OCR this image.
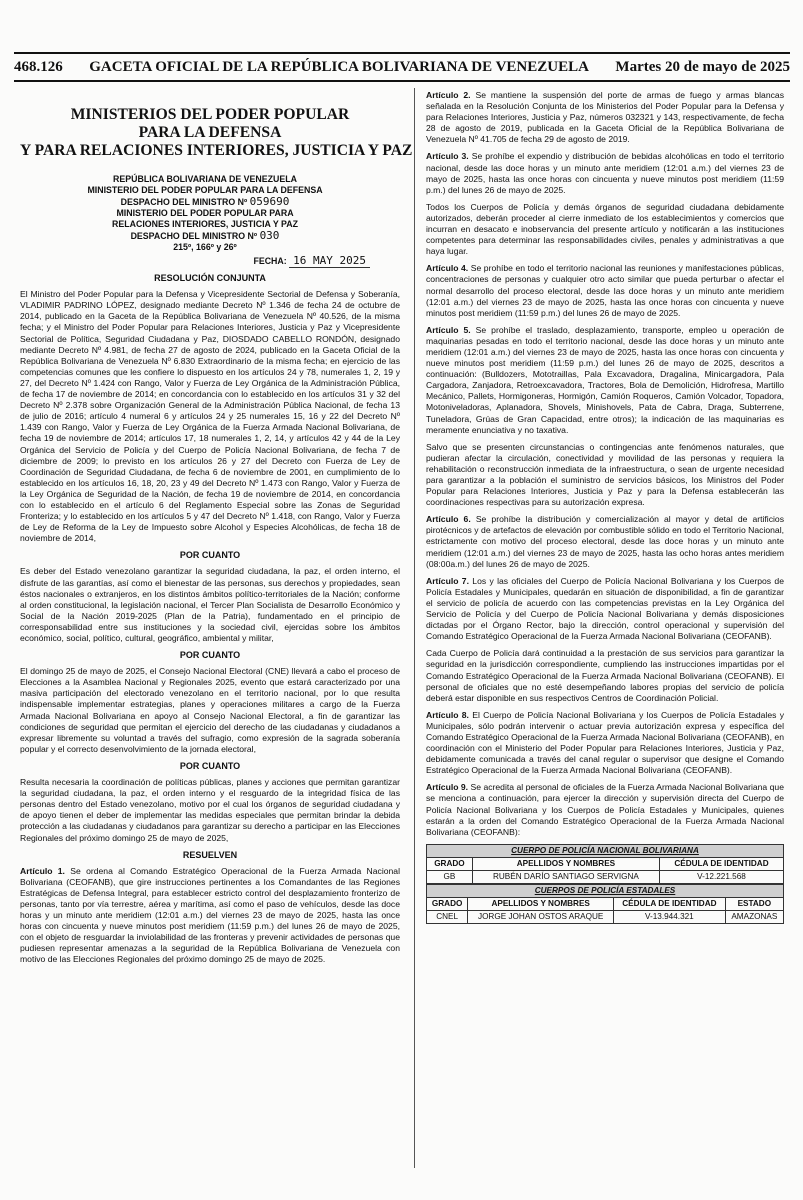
468.126 GACETA OFICIAL DE LA REPÚBLICA BOLIVARIANA DE VENEZUELA Martes 20 de mayo de 2025
MINISTERIOS DEL PODER POPULAR
PARA LA DEFENSA
Y PARA RELACIONES INTERIORES, JUSTICIA Y PAZ
REPÚBLICA BOLIVARIANA DE VENEZUELA
MINISTERIO DEL PODER POPULAR PARA LA DEFENSA
DESPACHO DEL MINISTRO Nº 059690
MINISTERIO DEL PODER POPULAR PARA
RELACIONES INTERIORES, JUSTICIA Y PAZ
DESPACHO DEL MINISTRO Nº 030
215º, 166º y 26º
FECHA: 16 MAY 2025
RESOLUCIÓN CONJUNTA

El Ministro del Poder Popular para la Defensa y Vicepresidente Sectorial de Defensa y Soberanía, VLADIMIR PADRINO LÓPEZ, designado mediante Decreto Nº 1.346 de fecha 24 de octubre de 2014, publicado en la Gaceta de la República Bolivariana de Venezuela Nº 40.526, de la misma fecha; y el Ministro del Poder Popular para Relaciones Interiores, Justicia y Paz y Vicepresidente Sectorial de Política, Seguridad Ciudadana y Paz, DIOSDADO CABELLO RONDÓN, designado mediante Decreto Nº 4.981, de fecha 27 de agosto de 2024, publicado en la Gaceta Oficial de la República Bolivariana de Venezuela Nº 6.830 Extraordinario de la misma fecha; en ejercicio de las competencias comunes que les confiere lo dispuesto en los artículos 24 y 78, numerales 1, 2, 19 y 27, del Decreto Nº 1.424 con Rango, Valor y Fuerza de Ley Orgánica de la Administración Pública, de fecha 17 de noviembre de 2014; en concordancia con lo establecido en los artículos 31 y 32 del Decreto Nº 2.378 sobre Organización General de la Administración Pública Nacional, de fecha 13 de julio de 2016; artículo 4 numeral 6 y artículos 24 y 25 numerales 15, 16 y 22 del Decreto Nº 1.439 con Rango, Valor y Fuerza de Ley Orgánica de la Fuerza Armada Nacional Bolivariana, de fecha 19 de noviembre de 2014; artículos 17, 18 numerales 1, 2, 14, y artículos 42 y 44 de la Ley Orgánica del Servicio de Policía y del Cuerpo de Policía Nacional Bolivariana, de fecha 7 de diciembre de 2009; lo previsto en los artículos 26 y 27 del Decreto con Fuerza de Ley de Coordinación de Seguridad Ciudadana, de fecha 6 de noviembre de 2001, en cumplimiento de lo establecido en los artículos 16, 18, 20, 23 y 49 del Decreto Nº 1.473 con Rango, Valor y Fuerza de la Ley Orgánica de Seguridad de la Nación, de fecha 19 de noviembre de 2014, en concordancia con lo establecido en el artículo 6 del Reglamento Especial sobre las Zonas de Seguridad Fronteriza; y lo establecido en los artículos 5 y 47 del Decreto Nº 1.418, con Rango, Valor y Fuerza de Ley de Reforma de la Ley de Impuesto sobre Alcohol y Especies Alcohólicas, de fecha 18 de noviembre de 2014,

POR CUANTO

Es deber del Estado venezolano garantizar la seguridad ciudadana, la paz, el orden interno, el disfrute de las garantías, así como el bienestar de las personas, sus derechos y propiedades, sean éstos nacionales o extranjeros, en los distintos ámbitos político-territoriales de la Nación; conforme al orden constitucional, la legislación nacional, el Tercer Plan Socialista de Desarrollo Económico y Social de la Nación 2019-2025 (Plan de la Patria), fundamentado en el principio de corresponsabilidad entre sus instituciones y la sociedad civil, ejercidas sobre los ámbitos económico, social, político, cultural, geográfico, ambiental y militar,

POR CUANTO

El domingo 25 de mayo de 2025, el Consejo Nacional Electoral (CNE) llevará a cabo el proceso de Elecciones a la Asamblea Nacional y Regionales 2025, evento que estará caracterizado por una masiva participación del electorado venezolano en el territorio nacional, por lo que resulta indispensable implementar estrategias, planes y operaciones militares a cargo de la Fuerza Armada Nacional Bolivariana en apoyo al Consejo Nacional Electoral, a fin de garantizar las condiciones de seguridad que permitan el ejercicio del derecho de las ciudadanas y ciudadanos a expresar libremente su voluntad a través del sufragio, como expresión de la sagrada soberanía popular y el correcto desenvolvimiento de la jornada electoral,

POR CUANTO

Resulta necesaria la coordinación de políticas públicas, planes y acciones que permitan garantizar la seguridad ciudadana, la paz, el orden interno y el resguardo de la integridad física de las personas dentro del Estado venezolano, motivo por el cual los órganos de seguridad ciudadana y de apoyo tienen el deber de implementar las medidas especiales que permitan brindar la debida protección a las ciudadanas y ciudadanos para garantizar su derecho a participar en las Elecciones Regionales del próximo domingo 25 de mayo de 2025,

RESUELVEN

Artículo 1. Se ordena al Comando Estratégico Operacional de la Fuerza Armada Nacional Bolivariana (CEOFANB), que gire instrucciones pertinentes a los Comandantes de las Regiones Estratégicas de Defensa Integral, para establecer estricto control del desplazamiento fronterizo de personas, tanto por vía terrestre, aérea y marítima, así como el paso de vehículos, desde las doce horas y un minuto ante meridiem (12:01 a.m.) del viernes 23 de mayo de 2025, hasta las once horas con cincuenta y nueve minutos post meridiem (11:59 p.m.) del lunes 26 de mayo de 2025, con el objeto de resguardar la inviolabilidad de las fronteras y prevenir actividades de personas que pudiesen representar amenazas a la seguridad de la República Bolivariana de Venezuela con motivo de las Elecciones Regionales del próximo domingo 25 de mayo de 2025.

Artículo 2. Se mantiene la suspensión del porte de armas de fuego y armas blancas señalada en la Resolución Conjunta de los Ministerios del Poder Popular para la Defensa y para Relaciones Interiores, Justicia y Paz, números 032321 y 143, respectivamente, de fecha 28 de agosto de 2019, publicada en la Gaceta Oficial de la República Bolivariana de Venezuela Nº 41.705 de fecha 29 de agosto de 2019.

Artículo 3. Se prohíbe el expendio y distribución de bebidas alcohólicas en todo el territorio nacional, desde las doce horas y un minuto ante meridiem (12:01 a.m.) del viernes 23 de mayo de 2025, hasta las once horas con cincuenta y nueve minutos post meridiem (11:59 p.m.) del lunes 26 de mayo de 2025.

Todos los Cuerpos de Policía y demás órganos de seguridad ciudadana debidamente autorizados, deberán proceder al cierre inmediato de los establecimientos y comercios que incurran en desacato e inobservancia del presente artículo y notificarán a las instituciones competentes para determinar las responsabilidades civiles, penales y administrativas a que haya lugar.

Artículo 4. Se prohíbe en todo el territorio nacional las reuniones y manifestaciones públicas, concentraciones de personas y cualquier otro acto similar que pueda perturbar o afectar el normal desarrollo del proceso electoral, desde las doce horas y un minuto ante meridiem (12:01 a.m.) del viernes 23 de mayo de 2025, hasta las once horas con cincuenta y nueve minutos post meridiem (11:59 p.m.) del lunes 26 de mayo de 2025.

Artículo 5. Se prohíbe el traslado, desplazamiento, transporte, empleo u operación de maquinarias pesadas en todo el territorio nacional, desde las doce horas y un minuto ante meridiem (12:01 a.m.) del viernes 23 de mayo de 2025, hasta las once horas con cincuenta y nueve minutos post meridiem (11:59 p.m.) del lunes 26 de mayo de 2025, descritos a continuación: (Bulldozers, Mototraillas, Pala Excavadora, Dragalina, Minicargadora, Pala Cargadora, Zanjadora, Retroexcavadora, Tractores, Bola de Demolición, Hidrofresa, Martillo Mecánico, Pallets, Hormigoneras, Hormigón, Camión Roqueros, Camión Volcador, Topadora, Motoniveladoras, Aplanadora, Shovels, Minishovels, Pata de Cabra, Draga, Subterrene, Tuneladora, Grúas de Gran Capacidad, entre otros); la indicación de las maquinarias es meramente enunciativa y no taxativa.

Salvo que se presenten circunstancias o contingencias ante fenómenos naturales, que pudieran afectar la circulación, conectividad y movilidad de las personas y requiera la rehabilitación o reconstrucción inmediata de la infraestructura, o sean de urgente necesidad para garantizar a la población el suministro de servicios básicos, los Ministros del Poder Popular para Relaciones Interiores, Justicia y Paz y para la Defensa establecerán las coordinaciones respectivas para su autorización expresa.

Artículo 6. Se prohíbe la distribución y comercialización al mayor y detal de artificios pirotécnicos y de artefactos de elevación por combustible sólido en todo el Territorio Nacional, estrictamente con motivo del proceso electoral, desde las doce horas y un minuto ante meridiem (12:01 a.m.) del viernes 23 de mayo de 2025, hasta las ocho horas antes meridiem (08:00a.m.) del lunes 26 de mayo de 2025.

Artículo 7. Los y las oficiales del Cuerpo de Policía Nacional Bolivariana y los Cuerpos de Policía Estadales y Municipales, quedarán en situación de disponibilidad, a fin de garantizar el servicio de policía de acuerdo con las competencias previstas en la Ley Orgánica del Servicio de Policía y del Cuerpo de Policía Nacional Bolivariana y demás disposiciones dictadas por el Órgano Rector, bajo la dirección, control operacional y supervisión del Comando Estratégico Operacional de la Fuerza Armada Nacional Bolivariana (CEOFANB).

Cada Cuerpo de Policía dará continuidad a la prestación de sus servicios para garantizar la seguridad en la jurisdicción correspondiente, cumpliendo las instrucciones impartidas por el Comando Estratégico Operacional de la Fuerza Armada Nacional Bolivariana (CEOFANB). El personal de oficiales que no esté desempeñando labores propias del servicio de policía deberá estar disponible en sus respectivos Centros de Coordinación Policial.

Artículo 8. El Cuerpo de Policía Nacional Bolivariana y los Cuerpos de Policía Estadales y Municipales, sólo podrán intervenir o actuar previa autorización expresa y específica del Comando Estratégico Operacional de la Fuerza Armada Nacional Bolivariana (CEOFANB), en coordinación con el Ministerio del Poder Popular para Relaciones Interiores, Justicia y Paz, debidamente comunicada a través del canal regular o supervisor que designe el Comando Estratégico Operacional de la Fuerza Armada Nacional Bolivariana (CEOFANB).

Artículo 9. Se acredita al personal de oficiales de la Fuerza Armada Nacional Bolivariana que se menciona a continuación, para ejercer la dirección y supervisión directa del Cuerpo de Policía Nacional Bolivariana y los Cuerpos de Policía Estadales y Municipales, quienes estarán a la orden del Comando Estratégico Operacional de la Fuerza Armada Nacional Bolivariana (CEOFANB):

CUERPO DE POLICÍA NACIONAL BOLIVARIANA		
GRADO	APELLIDOS Y NOMBRES	CÉDULA DE IDENTIDAD
GB	RUBÉN DARÍO SANTIAGO SERVIGNA	V-12.221.568
CUERPOS DE POLICÍA ESTADALES			
GRADO	APELLIDOS Y NOMBRES	CÉDULA DE IDENTIDAD	ESTADO
CNEL	JORGE JOHAN OSTOS ARAQUE	V-13.944.321	AMAZONAS
